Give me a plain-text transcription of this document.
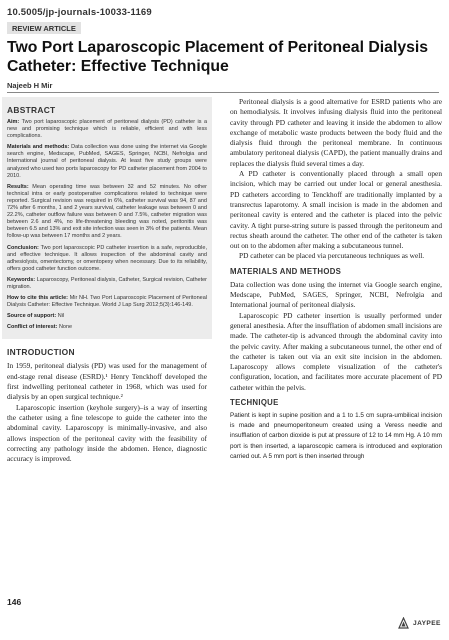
10.5005/jp-journals-10033-1169
REVIEW ARTICLE
Two Port Laparoscopic Placement of Peritoneal Dialysis Catheter: Effective Technique
Najeeb H Mir
ABSTRACT

Aim: Two port laparoscopic placement of peritoneal dialysis (PD) catheter is a new and promising technique which is reliable, efficient and with less complications.

Materials and methods: Data collection was done using the internet via Google search engine, Medscape, PubMed, SAGES, Springer, NCBI, Nefrolgia and International journal of peritoneal dialysis. At least five study groups were analyzed who used two ports laparoscopy for PD catheter placement from 2004 to 2010.

Results: Mean operating time was between 32 and 52 minutes. No other technical intra or early postoperative complications related to technique were reported. Surgical revision was required in 6%, catheter survival was 94, 87 and 72% after 6 months, 1 and 2 years survival, catheter leakage was between 0 and 22.2%, catheter outflow failure was between 0 and 7.5%, catheter migration was between 2.6 and 4%, no life-threatening bleeding was noted, peritonitis was between 6.5 and 13% and exit site infection was seen in 3% of the patients. Mean follow-up was between 17 months and 2 years.

Conclusion: Two port laparoscopic PD catheter insertion is a safe, reproducible, and effective technique. It allows inspection of the abdominal cavity and adhesiolysis, omentectomy, or omentopexy when necessary. Due to its reliability, offers good catheter function outcome.

Keywords: Laparoscopy, Peritoneal dialysis, Catheter, Surgical revision, Catheter migration.

How to cite this article: Mir NH. Two Port Laparoscopic Placement of Peritoneal Dialysis Catheter: Effective Technique. World J Lap Surg 2012;5(3):146-149.

Source of support: Nil

Conflict of interest: None

INTRODUCTION

In 1959, peritoneal dialysis (PD) was used for the management of end-stage renal disease (ESRD).¹ Henry Tenckhoff developed the first indwelling peritoneal catheter in 1968, which was used for dialysis by an open surgical technique.²

Laparoscopic insertion (keyhole surgery)–is a way of inserting the catheter using a fine telescope to guide the catheter into the abdominal cavity. Laparoscopy is minimally-invasive, and also allows inspection of the peritoneal cavity with the feasibility of correcting any pathology inside the abdomen. Hence, diagnostic accuracy is improved.

Peritoneal dialysis is a good alternative for ESRD patients who are on hemodialysis. It involves infusing dialysis fluid into the peritoneal cavity through PD catheter and leaving it inside the abdomen to allow exchange of metabolic waste products between the body fluid and the dialysis fluid through the peritoneal membrane. In continuous ambulatory peritoneal dialysis (CAPD), the patient manually drains and replaces the dialysis fluid several times a day.

A PD catheter is conventionally placed through a small open incision, which may be carried out under local or general anesthesia. PD catheters according to Tenckhoff are traditionally implanted by a transrectus laparotomy. A small incision is made in the abdomen and peritoneal cavity is entered and the catheter is placed into the pelvic cavity. A tight purse-string suture is passed through the peritoneum and rectus sheath around the catheter. The other end of the catheter is taken out on to the abdomen after making a subcutaneous tunnel.

PD catheter can be placed via percutaneous techniques as well.

MATERIALS AND METHODS

Data collection was done using the internet via Google search engine, Medscape, PubMed, SAGES, Springer, NCBI, Nefrolgia and International journal of peritoneal dialysis.

Laparoscopic PD catheter insertion is usually performed under general anesthesia. After the insufflation of abdomen small incisions are made. The catheter-tip is advanced through the abdominal cavity into the pelvic cavity. After making a subcutaneous tunnel, the other end of the catheter is taken out via an exit site incision in the abdomen. Laparoscopy allows complete visualization of the catheter's configuration, location, and facilitates more accurate placement of PD catheter within the pelvis.

TECHNIQUE

Patient is kept in supine position and a 1 to 1.5 cm supra-umbilical incision is made and pneumoperitoneum created using a Veress needle and insufflation of carbon dioxide is put at pressure of 12 to 14 mm Hg. A 10 mm port is then inserted, a laparoscopic camera is introduced and exploration carried out. A 5 mm port is then inserted through

146
JAYPEE
